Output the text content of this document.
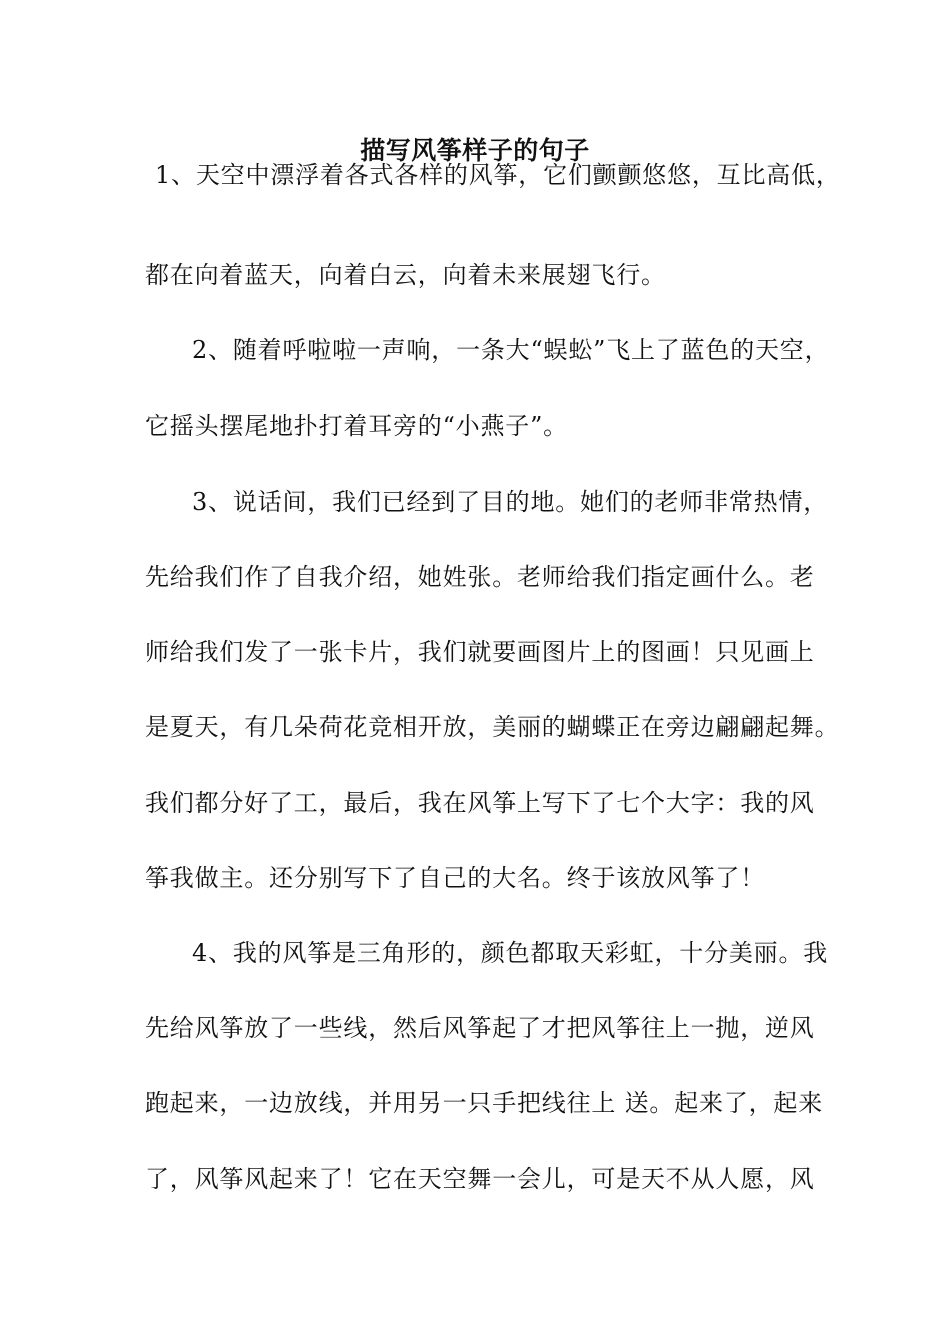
描写风筝样子的句子
1、天空中漂浮着各式各样的风筝，它们颤颤悠悠，互比高低，
都在向着蓝天，向着白云，向着未来展翅飞行。
2、随着呼啦啦一声响，一条大“蜈蚣”飞上了蓝色的天空，
它摇头摆尾地扑打着耳旁的“小燕子”。
3、说话间，我们已经到了目的地。她们的老师非常热情，
先给我们作了自我介绍，她姓张。老师给我们指定画什么。老
师给我们发了一张卡片，我们就要画图片上的图画！只见画上
是夏天，有几朵荷花竞相开放，美丽的蝴蝶正在旁边翩翩起舞。
我们都分好了工，最后，我在风筝上写下了七个大字：我的风
筝我做主。还分别写下了自己的大名。终于该放风筝了！
4、我的风筝是三角形的，颜色都取天彩虹，十分美丽。我
先给风筝放了一些线，然后风筝起了才把风筝往上一抛，逆风
跑起来，一边放线，并用另一只手把线往上 送。起来了，起来
了，风筝风起来了！它在天空舞一会儿，可是天不从人愿，风
